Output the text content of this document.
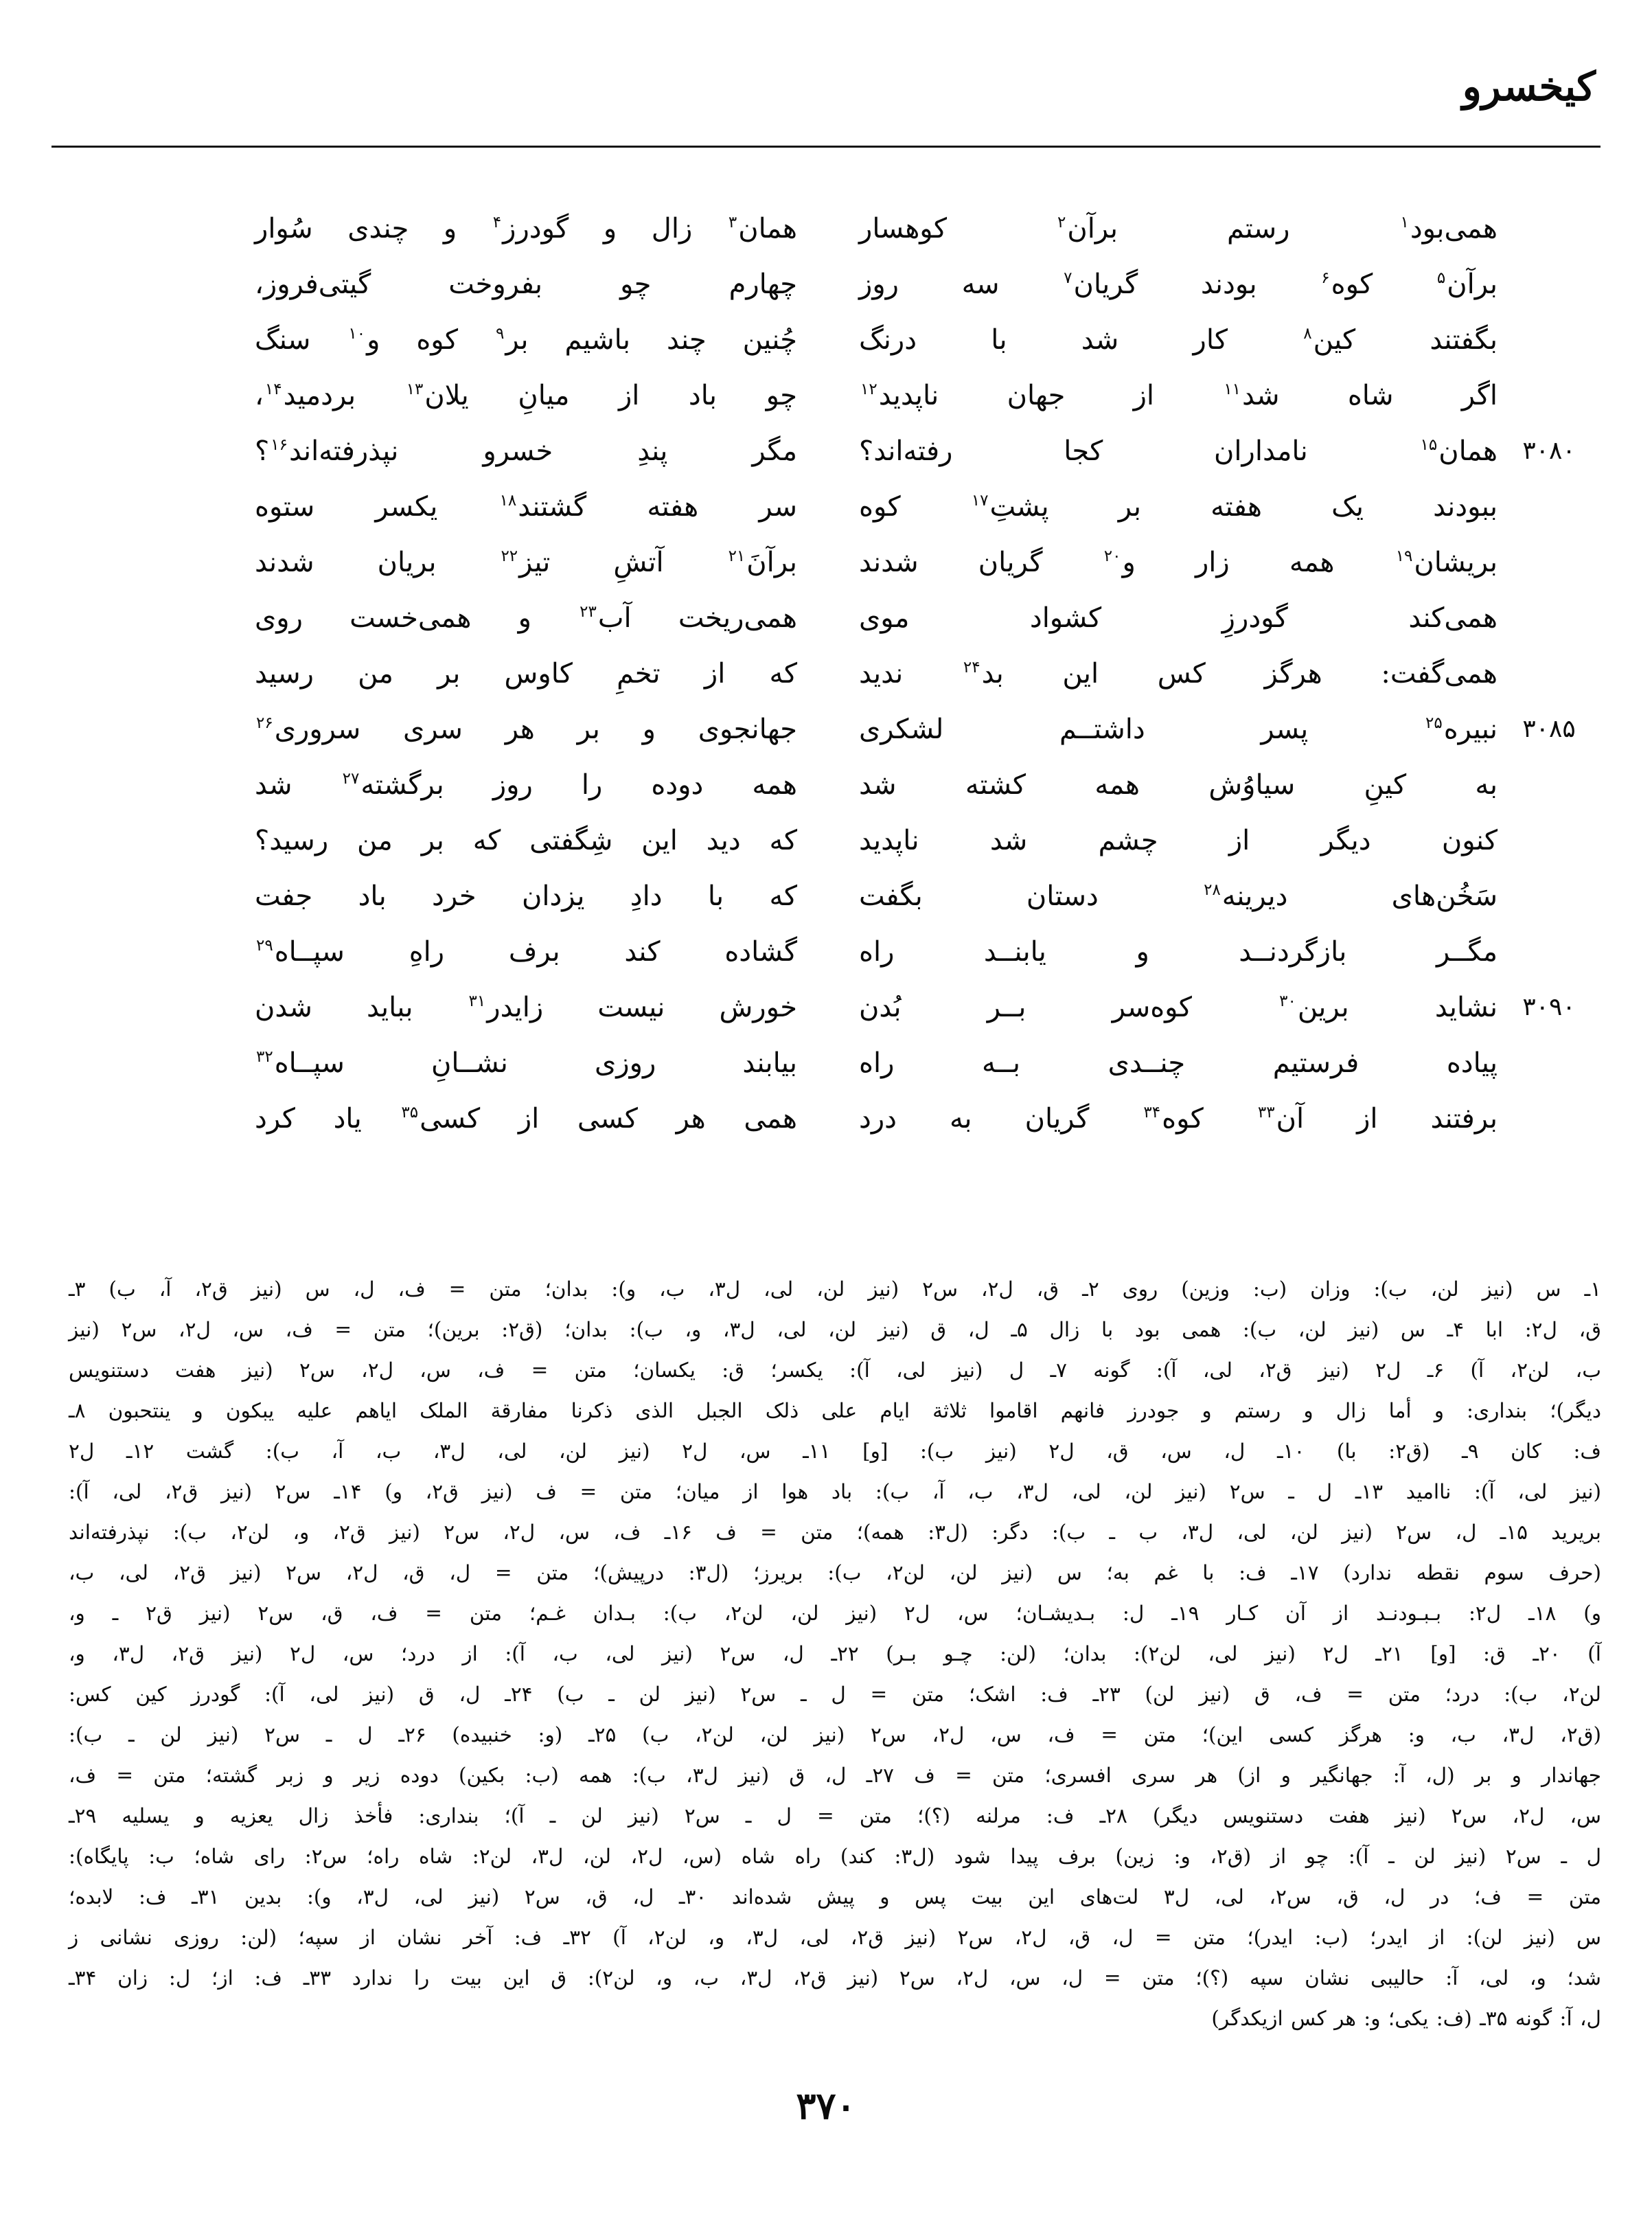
کیخسرو
همی‌بود$^۱$ رستم برآن$^۲$ کوهسار
همان$^۳$ زال و گودرز$^۴$ و چندی سُوار
برآن$^۵$ کوه$^۶$ بودند گریان$^۷$ سه روز
چهارم چو بفروخت گیتی‌فروز،
بگفتند کین$^۸$ کار شد با درنگ
چُنین چند باشیم بر$^۹$ کوه و$^{۱۰}$ سنگ
اگر شاه شد$^{۱۱}$ از جهان ناپدید$^{۱۲}$
چو باد از میانِ یلان$^{۱۳}$ بردمید$^{۱۴}$،
۳۰۸۰
همان$^{۱۵}$ نامداران کجا رفته‌اند؟
مگر پندِ خسرو نپذرفته‌اند$^{۱۶}$؟
ببودند یک هفته بر پشتِ$^{۱۷}$ کوه
سر هفته گشتند$^{۱۸}$ یکسر ستوه
بریشان$^{۱۹}$ همه زار و$^{۲۰}$ گریان شدند
برآنَ$^{۲۱}$ آتشِ تیز$^{۲۲}$ بریان شدند
همی‌کند گودرزِ کشواد موی
همی‌ریخت آب$^{۲۳}$ و همی‌خست روی
همی‌گفت: هرگز کس این بد$^{۲۴}$ ندید
که از تخمِ کاوس بر من رسید
۳۰۸۵
نبیره$^{۲۵}$ پسر داشتــم لشکری
جهانجوی و بر هر سری سروری$^{۲۶}$
به کینِ سیاوُش همه کشته شد
همه دوده را روز برگشته$^{۲۷}$ شد
کنون دیگر از چشم شد ناپدید
که دید این شِگفتی که بر من رسید؟
سَخُن‌های دیرینه$^{۲۸}$ دستان بگفت
که با دادِ یزدان خرد باد جفت
مگــر بازگردنــد و یابنــد راه
گشاده کند برف راهِ سپــاه$^{۲۹}$
۳۰۹۰
نشاید برین$^{۳۰}$ کوه‌سر بــر بُدن
خورش نیست زایدر$^{۳۱}$ بباید شدن
پیاده فرستیم چنــدی بــه راه
بیابند روزی نشــانِ سپــاه$^{۳۲}$
برفتند از آن$^{۳۳}$ کوه$^{۳۴}$ گریان به درد
همی هر کسی از کسی$^{۳۵}$ یاد کرد
۱ـ س (نیز لن، ب): وزان (ب: وزین) روی ۲ـ ق، ل۲، س۲ (نیز لن، لی، ل۳، ب، و): بدان؛ متن = ف، ل، س (نیز ق۲، آ، ب) ۳ـ
ق، ل۲: ابا ۴ـ س (نیز لن، ب): همی بود با زال ۵ـ ل، ق (نیز لن، لی، ل۳، و، ب): بدان؛ (ق۲: برین)؛ متن = ف، س، ل۲، س۲ (نیز
ب، لن۲، آ) ۶ـ ل۲ (نیز ق۲، لی، آ): گونه ۷ـ ل (نیز لی، آ): یکسر؛ ق: یکسان؛ متن = ف، س، ل۲، س۲ (نیز هفت دستنویس
دیگر)؛ بنداری: و أما زال و رستم و جودرز فانهم اقاموا ثلاثة ایام علی ذلک الجبل الذی ذکرنا مفارقة الملک ایاهم علیه یبکون و ینتحبون ۸ـ
ف: کان ۹ـ (ق۲: با) ۱۰ـ ل، س، ق، ل۲ (نیز ب): [و] ۱۱ـ س، ل۲ (نیز لن، لی، ل۳، ب، آ، ب): گشت ۱۲ـ ل۲
(نیز لی، آ): ناامید ۱۳ـ ل ـ س۲ (نیز لن، لی، ل۳، ب، آ، ب): باد هوا از میان؛ متن = ف (نیز ق۲، و) ۱۴ـ س۲ (نیز ق۲، لی، آ):
بریرید ۱۵ـ ل، س۲ (نیز لن، لی، ل۳، ب ـ ب): دگر: (ل۳: همه)؛ متن = ف ۱۶ـ ف، س، ل۲، س۲ (نیز ق۲، و، لن۲، ب): نپذرفته‌اند
(حرف سوم نقطه ندارد) ۱۷ـ ف: با غم به؛ س (نیز لن، لن۲، ب): بریرز؛ (ل۳: درپیش)؛ متن = ل، ق، ل۲، س۲ (نیز ق۲، لی، ب،
و) ۱۸ـ ل۲: بـبـودنـد از آن کـار ۱۹ـ ل: بـدیشـان؛ س، ل۲ (نیز لن، لن۲، ب): بـدان غـم؛ متن = ف، ق، س۲ (نیز ق۲ ـ و،
آ) ۲۰ـ ق: [و] ۲۱ـ ل۲ (نیز لی، لن۲): بدان؛ (لن: چـو بـر) ۲۲ـ ل، س۲ (نیز لی، ب، آ): از درد؛ س، ل۲ (نیز ق۲، ل۳، و،
لن۲، ب): درد؛ متن = ف، ق (نیز لن) ۲۳ـ ف: اشک؛ متن = ل ـ س۲ (نیز لن ـ ب) ۲۴ـ ل، ق (نیز لی، آ): گودرز کین کس:
(ق۲، ل۳، ب، و: هرگز کسی این)؛ متن = ف، س، ل۲، س۲ (نیز لن، لن۲، ب) ۲۵ـ (و: خنبیده) ۲۶ـ ل ـ س۲ (نیز لن ـ ب):
جهاندار و بر (ل، آ: جهانگیر و از) هر سری افسری؛ متن = ف ۲۷ـ ل، ق (نیز ل۳، ب): همه (ب: بکین) دوده زیر و زبر گشته؛ متن = ف،
س، ل۲، س۲ (نیز هفت دستنویس دیگر) ۲۸ـ ف: مرلنه (؟)؛ متن = ل ـ س۲ (نیز لن ـ آ)؛ بنداری: فأخذ زال یعزیه و یسلیه ۲۹ـ
ل ـ س۲ (نیز لن ـ آ): چو از (ق۲، و: زین) برف پیدا شود (ل۳: کند) راه شاه (س، ل۲، لن، ل۳، لن۲: شاه راه؛ س۲: رای شاه؛ ب: پایگاه):
متن = ف؛ در ل، ق، س۲، لی، ل۳ لت‌های این بیت پس و پیش شده‌اند ۳۰ـ ل، ق، س۲ (نیز لی، ل۳، و): بدین ۳۱ـ ف: لابده؛
س (نیز لن): از ایدر؛ (ب: ایدر)؛ متن = ل، ق، ل۲، س۲ (نیز ق۲، لی، ل۳، و، لن۲، آ) ۳۲ـ ف: آخر نشان از سپه؛ (لن: روزی نشانی ز
شد؛ و، لی، آ: حالیبی نشان سپه (؟)؛ متن = ل، س، ل۲، س۲ (نیز ق۲، ل۳، ب، و، لن۲): ق این بیت را ندارد ۳۳ـ ف: از؛ ل: زان ۳۴ـ
ل، آ: گونه ۳۵ـ (ف: یکی؛ و: هر کس ازیکدگر)
۳۷۰
